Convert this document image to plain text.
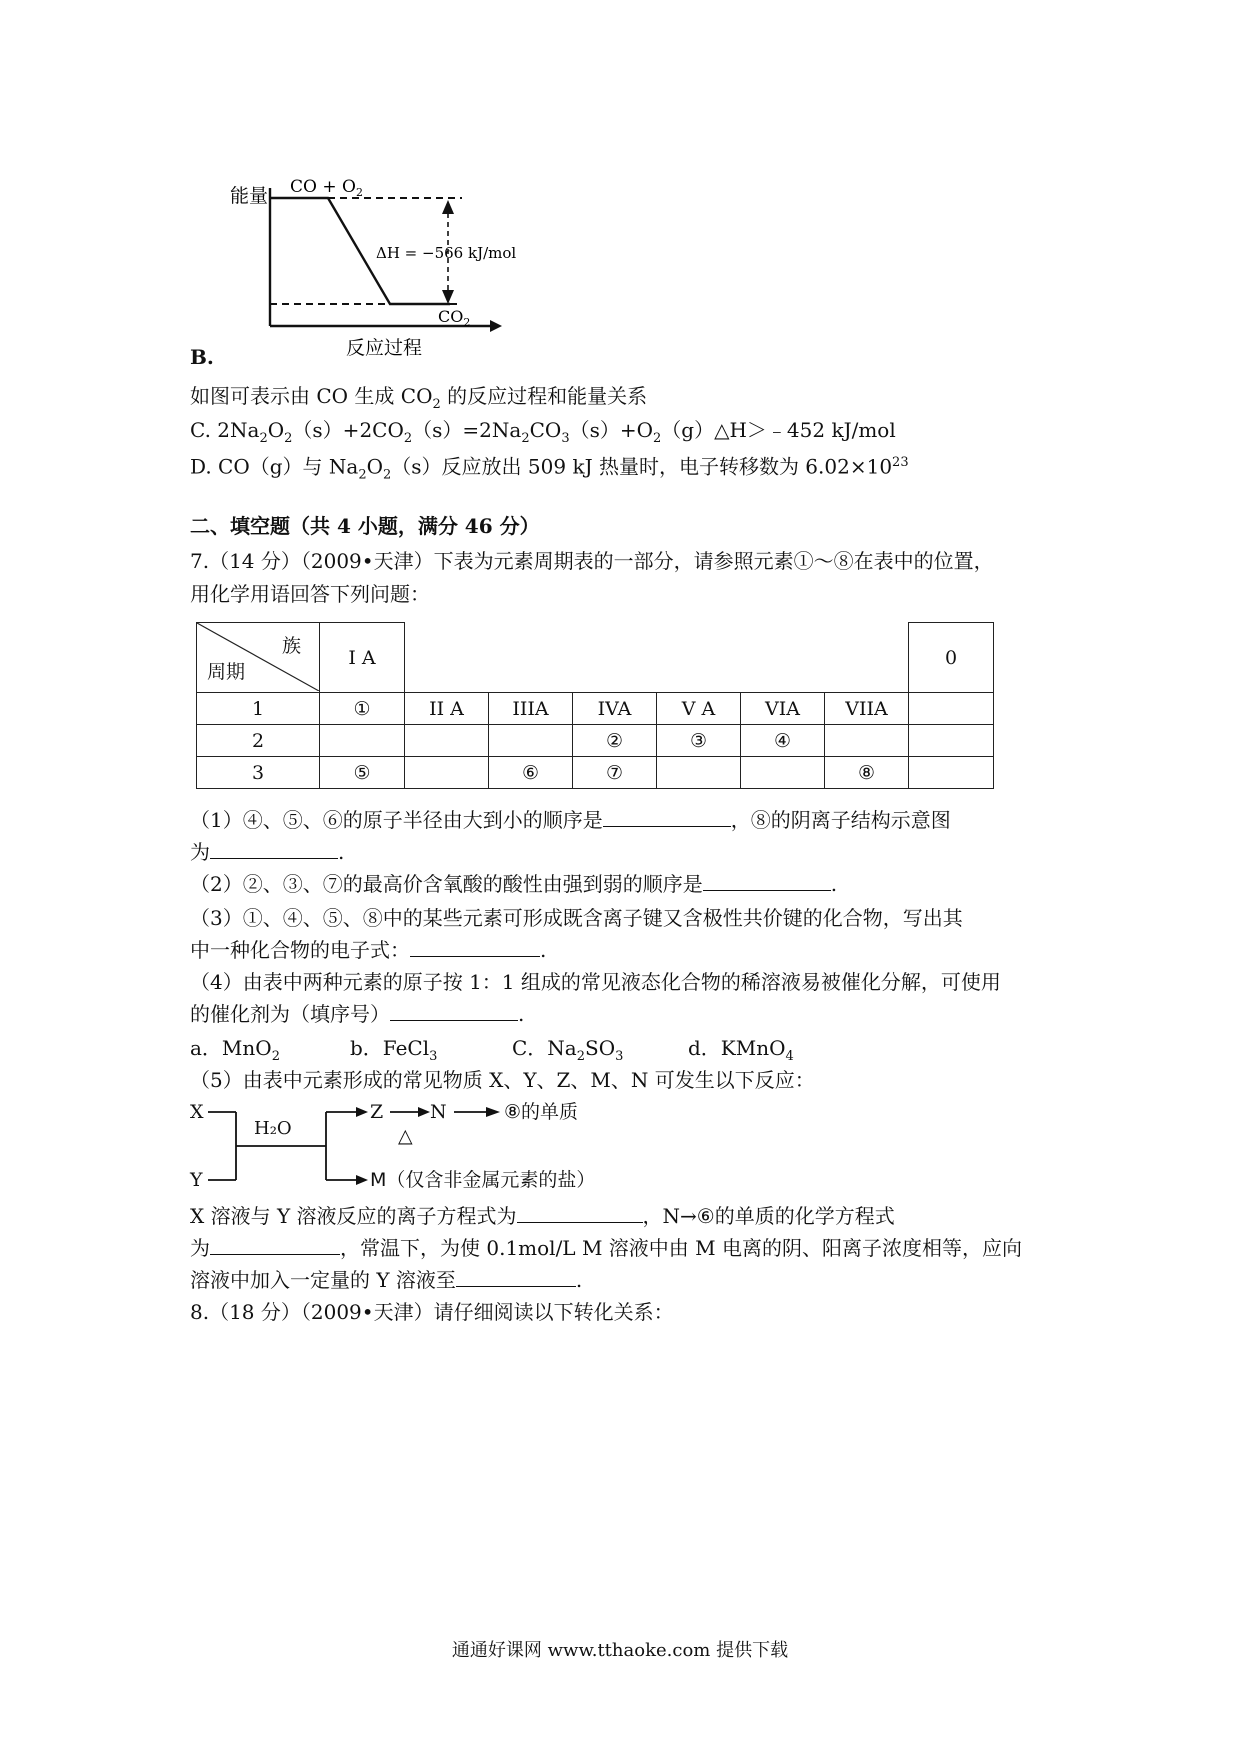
能量 CO + $O_2$
ΔH = −566 kJ/mol
$CO_2$
反应过程
B.
如图可表示由 CO 生成 $CO_2$ 的反应过程和能量关系
C. $2Na_2O_2(s)+2CO_2(s)=2Na_2CO_3(s)+O_2(g)\triangle H>﹣452$ kJ/mol
D. CO（g）与 $Na_2O_2(s)$反应放出 509 kJ 热量时，电子转移数为 $6.02\times 10^{23}$
二、填空题（共 4 小题，满分 46 分）
7.（14 分）（2009•天津）下表为元素周期表的一部分，请参照元素①～⑧在表中的位置，
用化学用语回答下列问题：
族
周期	I A							0
1	①	II A	IIIA	IVA	V A	VIA	VIIA	
2				②	③	④		
3	⑤		⑥	⑦			⑧	
（1）④、⑤、⑥的原子半径由大到小的顺序是	，⑧的阴离子结构示意图
为	.
（2）②、③、⑦的最高价含氧酸的酸性由强到弱的顺序是	.
（3）①、④、⑤、⑧中的某些元素可形成既含离子键又含极性共价键的化合物，写出其
中一种化合物的电子式：	.
（4）由表中两种元素的原子按 1：1 组成的常见液态化合物的稀溶液易被催化分解，可使用
的催化剂为（填序号）	.
a．MnO$_2$	b．FeCl$_3$	C．$Na_2SO_3$	d．KMnO$_4$
（5）由表中元素形成的常见物质 X、Y、Z、M、N 可发生以下反应：
X
Y
H₂O
Z
△
N	⑧的单质
M（仅含非金属元素的盐）
X 溶液与 Y 溶液反应的离子方程式为	，N→⑥的单质的化学方程式
为	，常温下，为使 0.1mol/L M 溶液中由 M 电离的阴、阳离子浓度相等，应向
溶液中加入一定量的 Y 溶液至	.
8.（18 分）（2009•天津）请仔细阅读以下转化关系：
通通好课网 www.tthaoke.com 提供下载
